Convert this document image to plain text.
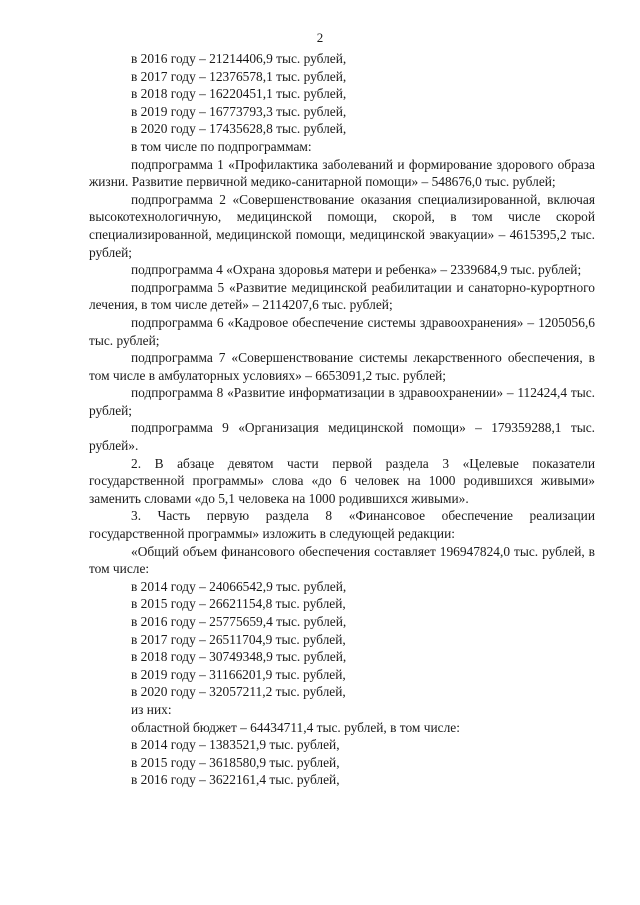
2
в 2016 году – 21214406,9 тыс. рублей,
в 2017 году – 12376578,1 тыс. рублей,
в 2018 году – 16220451,1 тыс. рублей,
в 2019 году – 16773793,3 тыс. рублей,
в 2020 году – 17435628,8 тыс. рублей,
в том числе по подпрограммам:

подпрограмма 1 «Профилактика заболеваний и формирование здорового образа жизни. Развитие первичной медико-санитарной помощи» – 548676,0 тыс. рублей;

подпрограмма 2 «Совершенствование оказания специализированной, включая высокотехнологичную, медицинской помощи, скорой, в том числе скорой специализированной, медицинской помощи, медицинской эвакуации» – 4615395,2 тыс. рублей;

подпрограмма 4 «Охрана здоровья матери и ребенка» – 2339684,9 тыс. рублей;

подпрограмма 5 «Развитие медицинской реабилитации и санаторно-курортного лечения, в том числе детей» – 2114207,6 тыс. рублей;

подпрограмма 6 «Кадровое обеспечение системы здравоохранения» – 1205056,6 тыс. рублей;

подпрограмма 7 «Совершенствование системы лекарственного обеспечения, в том числе в амбулаторных условиях» – 6653091,2 тыс. рублей;

подпрограмма 8 «Развитие информатизации в здравоохранении» – 112424,4 тыс. рублей;

подпрограмма 9 «Организация медицинской помощи» – 179359288,1 тыс. рублей».

2. В абзаце девятом части первой раздела 3 «Целевые показатели государственной программы» слова «до 6 человек на 1000 родившихся живыми» заменить словами «до 5,1 человека на 1000 родившихся живыми».

3. Часть первую раздела 8 «Финансовое обеспечение реализации государственной программы» изложить в следующей редакции:

«Общий объем финансового обеспечения составляет 196947824,0 тыс. рублей, в том числе:

в 2014 году – 24066542,9 тыс. рублей,
в 2015 году – 26621154,8 тыс. рублей,
в 2016 году – 25775659,4 тыс. рублей,
в 2017 году – 26511704,9 тыс. рублей,
в 2018 году – 30749348,9 тыс. рублей,
в 2019 году – 31166201,9 тыс. рублей,
в 2020 году – 32057211,2 тыс. рублей,
из них:
областной бюджет – 64434711,4 тыс. рублей, в том числе:
в 2014 году – 1383521,9 тыс. рублей,
в 2015 году – 3618580,9 тыс. рублей,
в 2016 году – 3622161,4 тыс. рублей,
